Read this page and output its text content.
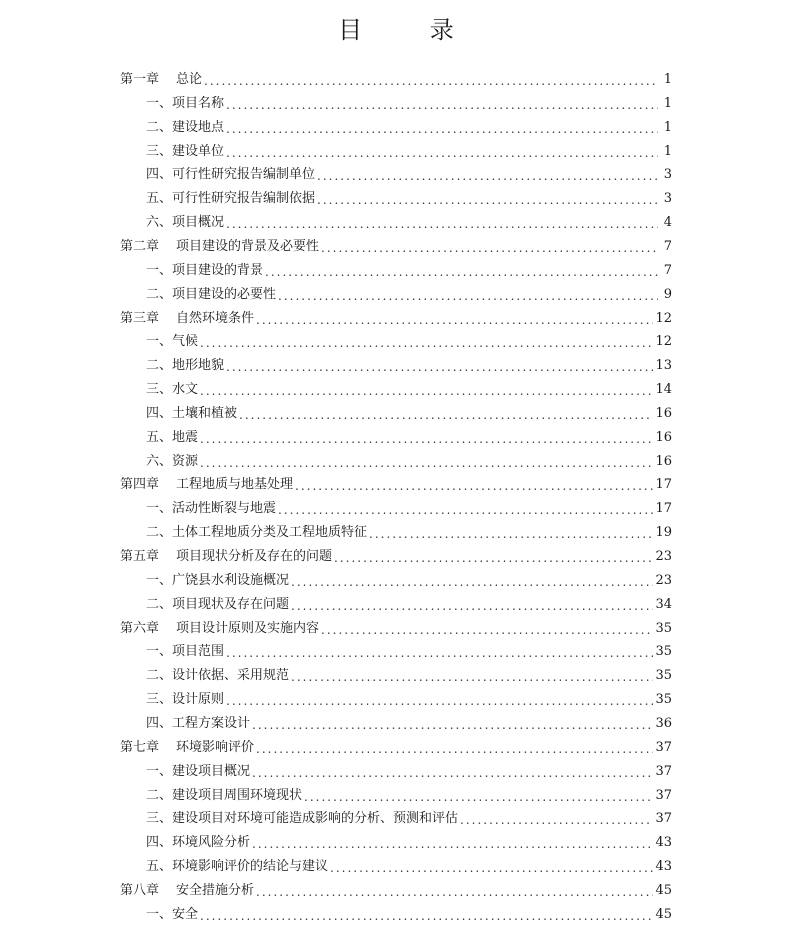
目 录
第一章 总论 .....	1
一、项目名称 .....	1
二、建设地点 .....	1
三、建设单位 .....	1
四、可行性研究报告编制单位 .....	3
五、可行性研究报告编制依据 .....	3
六、项目概况 .....	4
第二章 项目建设的背景及必要性 .....	7
一、项目建设的背景 .....	7
二、项目建设的必要性 .....	9
第三章 自然环境条件 .....	12
一、气候 .....	12
二、地形地貌 .....	13
三、水文 .....	14
四、土壤和植被 .....	16
五、地震 .....	16
六、资源 .....	16
第四章 工程地质与地基处理 .....	17
一、活动性断裂与地震 .....	17
二、土体工程地质分类及工程地质特征 .....	19
第五章 项目现状分析及存在的问题 .....	23
一、广饶县水利设施概况 .....	23
二、项目现状及存在问题 .....	34
第六章 项目设计原则及实施内容 .....	35
一、项目范围 .....	35
二、设计依据、采用规范 .....	35
三、设计原则 .....	35
四、工程方案设计 .....	36
第七章 环境影响评价 .....	37
一、建设项目概况 .....	37
二、建设项目周围环境现状 .....	37
三、建设项目对环境可能造成影响的分析、预测和评估 .....	37
四、环境风险分析 .....	43
五、环境影响评价的结论与建议 .....	43
第八章 安全措施分析 .....	45
一、安全 .....	45
